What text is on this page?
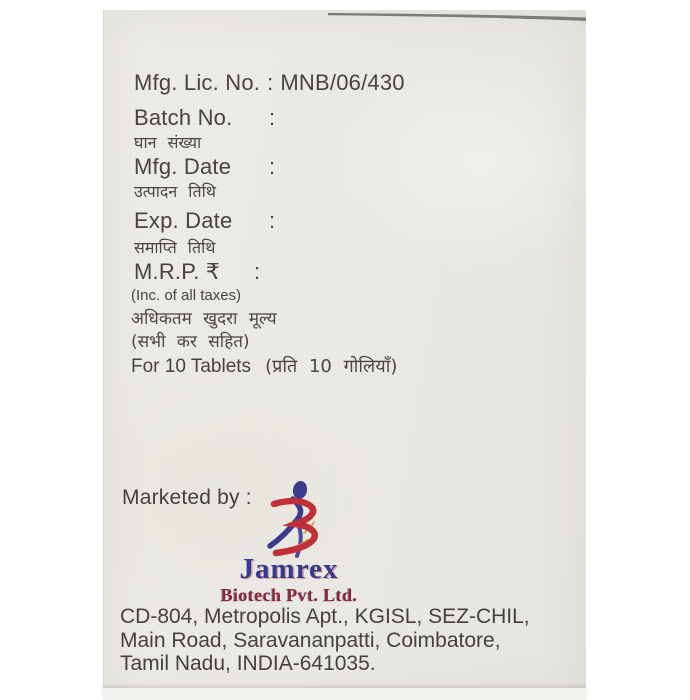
Mfg. Lic. No. : MNB/06/430
Batch No. :
घान संख्या
Mfg. Date :
उत्पादन तिथि
Exp. Date :
समाप्ति तिथि
M.R.P. ₹ :
(Inc. of all taxes)
अधिकतम खुदरा मूल्य
(सभी कर सहित)
For 10 Tablets (प्रति 10 गोलियाँ)
Marketed by :
Jamrex
Biotech Pvt. Ltd.
CD-804, Metropolis Apt., KGISL, SEZ-CHIL,
Main Road, Saravananpatti, Coimbatore,
Tamil Nadu, INDIA-641035.
